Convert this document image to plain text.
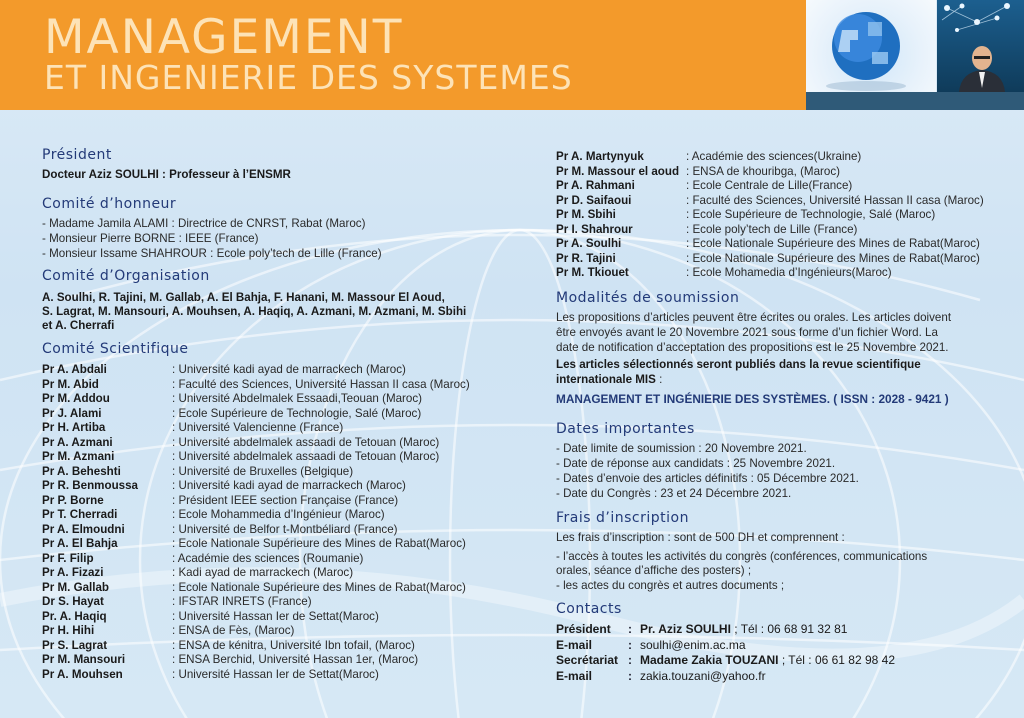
MANAGEMENT
ET INGENIERIE DES SYSTEMES
Président
Docteur Aziz SOULHI : Professeur à l’ENSMR
Comité d’honneur
- Madame Jamila ALAMI : Directrice de CNRST, Rabat (Maroc)
- Monsieur Pierre BORNE : IEEE (France)
- Monsieur Issame SHAHROUR : Ecole poly’tech de Lille (France)
Comité d’Organisation
A. Soulhi, R. Tajini, M. Gallab, A. El Bahja, F. Hanani, M. Massour El Aoud,
S. Lagrat, M. Mansouri, A. Mouhsen, A. Haqiq, A. Azmani, M. Azmani, M. Sbihi
et A. Cherrafi
Comité Scientifique
Pr A. Abdali	: Université kadi ayad de marrackech (Maroc)
Pr M. Abid	: Faculté des Sciences, Université Hassan II casa (Maroc)
Pr M. Addou	: Université Abdelmalek Essaadi,Teouan (Maroc)
Pr J. Alami	: Ecole Supérieure de Technologie, Salé (Maroc)
Pr H. Artiba	: Université Valencienne (France)
Pr A. Azmani	: Université abdelmalek assaadi de Tetouan (Maroc)
Pr M. Azmani	: Université abdelmalek assaadi de Tetouan (Maroc)
Pr A. Beheshti	: Université de Bruxelles (Belgique)
Pr R. Benmoussa	: Université kadi ayad de marrackech (Maroc)
Pr P. Borne	: Président IEEE section Française (France)
Pr T. Cherradi	: Ecole Mohammedia d’Ingénieur (Maroc)
Pr A. Elmoudni	: Université de Belfor t-Montbéliard (France)
Pr A. El Bahja	: Ecole Nationale Supérieure des Mines de Rabat(Maroc)
Pr F. Filip	: Académie des sciences (Roumanie)
Pr A. Fizazi	: Kadi ayad de marrackech (Maroc)
Pr M. Gallab	: Ecole Nationale Supérieure des Mines de Rabat(Maroc)
Dr S. Hayat	: IFSTAR INRETS (France)
Pr. A. Haqiq	: Université Hassan Ier de Settat(Maroc)
Pr H. Hihi	: ENSA de Fès, (Maroc)
Pr S. Lagrat	: ENSA de kénitra, Université Ibn tofail, (Maroc)
Pr M. Mansouri	: ENSA Berchid, Université Hassan 1er, (Maroc)
Pr A. Mouhsen	: Université Hassan Ier de Settat(Maroc)
Pr A. Martynyuk	: Académie des sciences(Ukraine)
Pr M. Massour el aoud : ENSA de khouribga, (Maroc)
Pr A. Rahmani	: Ecole Centrale de Lille(France)
Pr D. Saifaoui	: Faculté des Sciences, Université Hassan II casa (Maroc)
Pr M. Sbihi	: Ecole Supérieure de Technologie, Salé (Maroc)
Pr I. Shahrour	: Ecole poly’tech de Lille (France)
Pr A. Soulhi	: Ecole Nationale Supérieure des Mines de Rabat(Maroc)
Pr R. Tajini	: Ecole Nationale Supérieure des Mines de Rabat(Maroc)
Pr M. Tkiouet	: Ecole Mohamedia d’Ingénieurs(Maroc)
Modalités de soumission
Les propositions d’articles peuvent être écrites ou orales. Les articles doivent
être envoyés avant le 20 Novembre 2021 sous forme d’un fichier Word. La
date de notification d’acceptation des propositions est le 25 Novembre 2021.
Les articles sélectionnés seront publiés dans la revue scientifique
internationale MIS :
MANAGEMENT ET INGÉNIERIE DES SYSTÈMES. ( ISSN : 2028 - 9421 )
Dates importantes
- Date limite de soumission : 20 Novembre 2021.
- Date de réponse aux candidats : 25 Novembre 2021.
- Dates d’envoie des articles définitifs : 05 Décembre 2021.
- Date du Congrès : 23 et 24 Décembre 2021.
Frais d’inscription
Les frais d’inscription : sont de 500 DH et comprennent :
- l’accès à toutes les activités du congrès (conférences, communications
orales, séance d’affiche des posters) ;
- les actes du congrès et autres documents ;
Contacts
Président : Pr. Aziz SOULHI ; Tél : 06 68 91 32 81
E-mail	: soulhi@enim.ac.ma
Secrétariat : Madame Zakia TOUZANI ; Tél : 06 61 82 98 42
E-mail	: zakia.touzani@yahoo.fr
